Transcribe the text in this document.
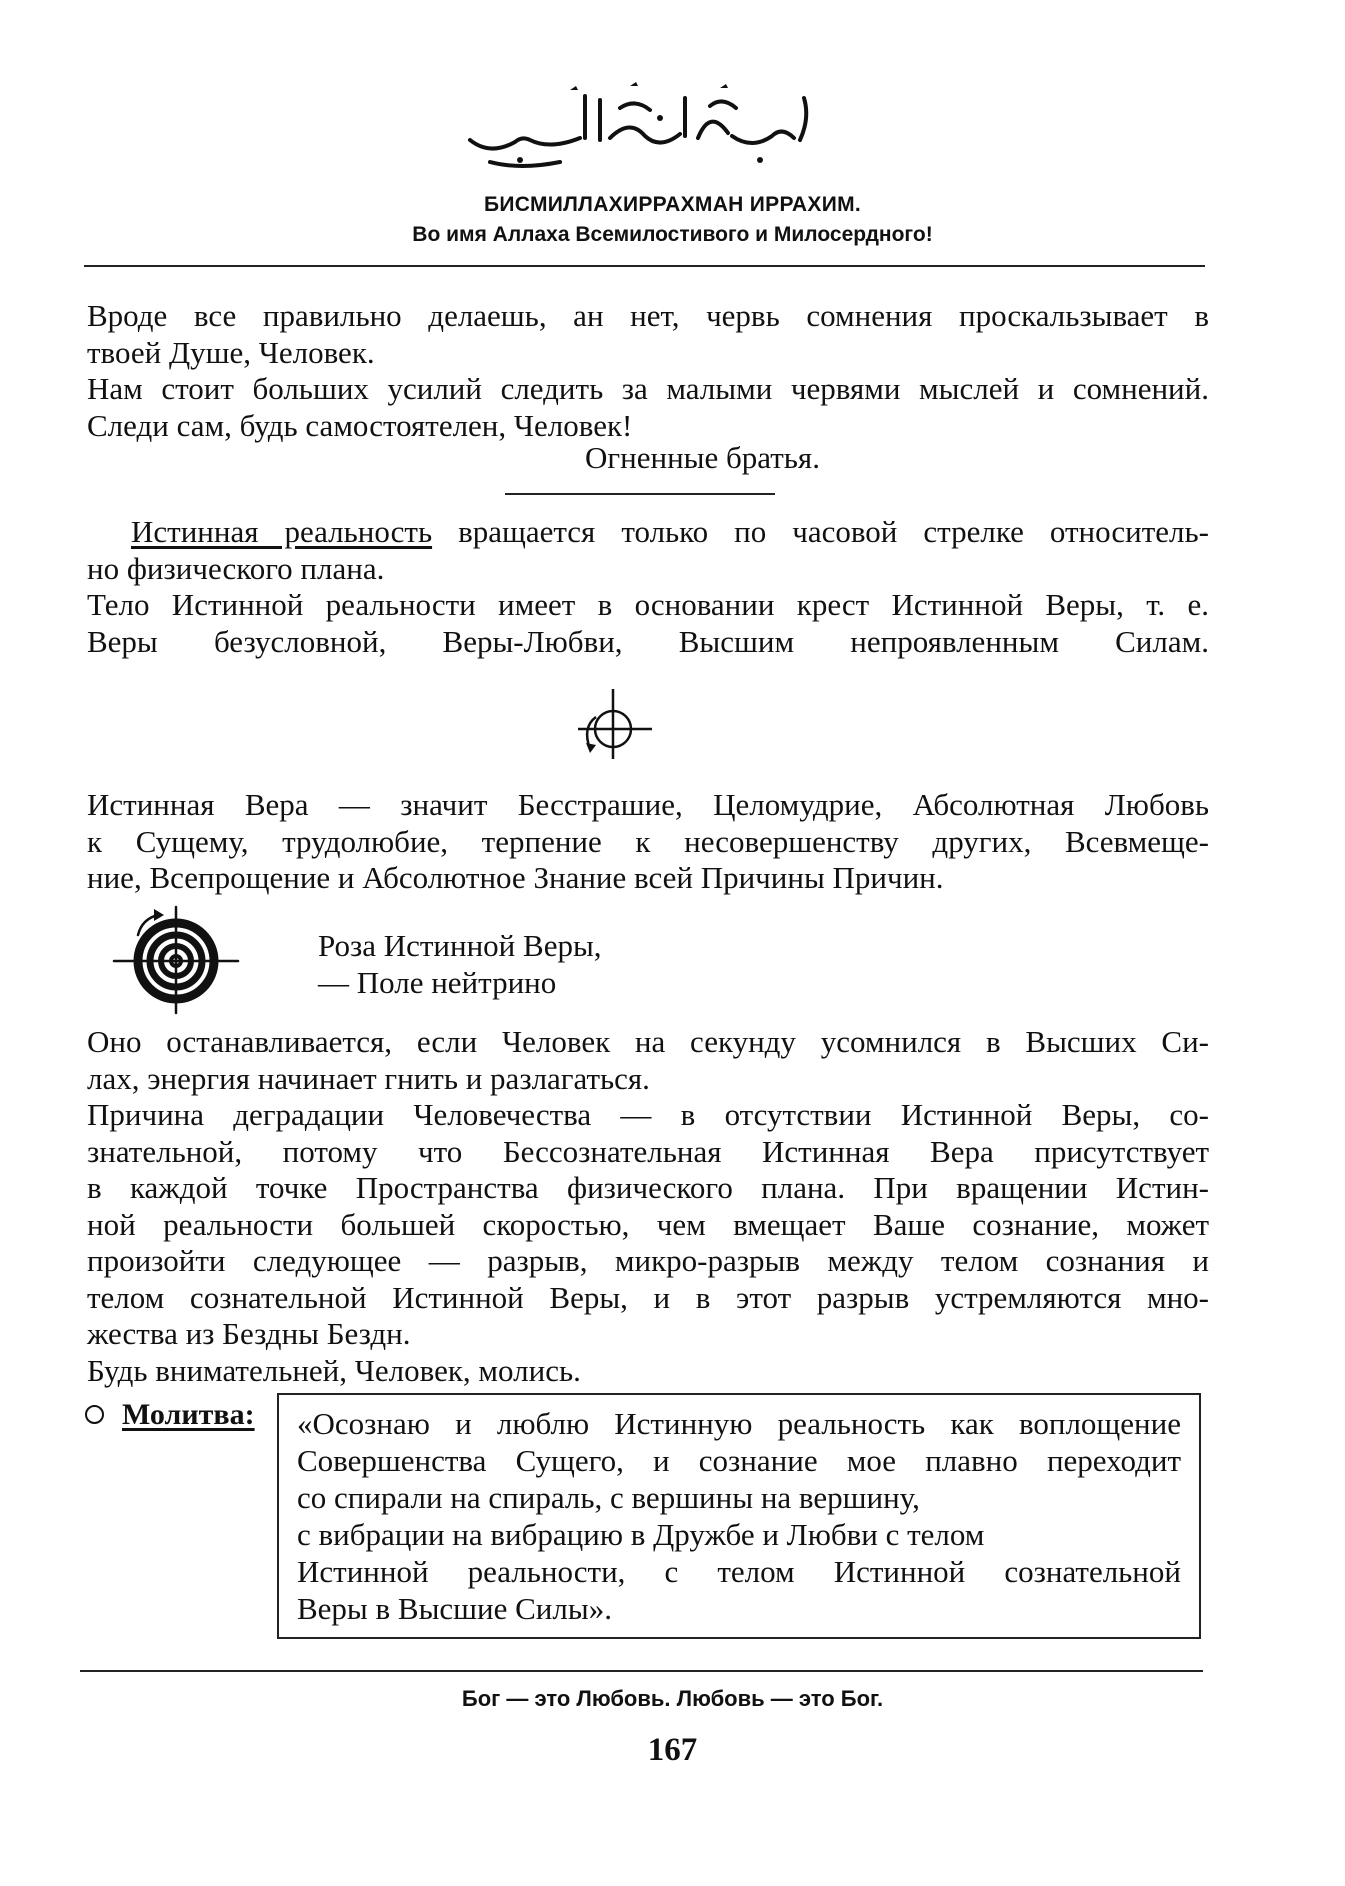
БИСМИЛЛАХИРРАХМАН ИРРАХИМ.
Во имя Аллаха Всемилостивого и Милосердного!
Вроде все правильно делаешь, ан нет, червь сомнения проскальзывает в
твоей Душе, Человек.
Нам стоит больших усилий следить за малыми червями мыслей и сомнений.
Следи сам, будь самостоятелен, Человек!
Огненные братья.
Истинная реальность вращается только по часовой стрелке относитель-
но физического плана.
Тело Истинной реальности имеет в основании крест Истинной Веры, т. е.
Веры безусловной, Веры-Любви, Высшим непроявленным Силам.
Истинная Вера — значит Бесстрашие, Целомудрие, Абсолютная Любовь
к Сущему, трудолюбие, терпение к несовершенству других, Всевмеще-
ние, Всепрощение и Абсолютное Знание всей Причины Причин.
Роза Истинной Веры,
— Поле нейтрино
Оно останавливается, если Человек на секунду усомнился в Высших Си-
лах, энергия начинает гнить и разлагаться.
Причина деградации Человечества — в отсутствии Истинной Веры, со-
знательной, потому что Бессознательная Истинная Вера присутствует
в каждой точке Пространства физического плана. При вращении Истин-
ной реальности большей скоростью, чем вмещает Ваше сознание, может
произойти следующее — разрыв, микро-разрыв между телом сознания и
телом сознательной Истинной Веры, и в этот разрыв устремляются мно-
жества из Бездны Бездн.
Будь внимательней, Человек, молись.
Молитва: «Осознаю и люблю Истинную реальность как воплощение
Совершенства Сущего, и сознание мое плавно переходит
со спирали на спираль, с вершины на вершину,
с вибрации на вибрацию в Дружбе и Любви с телом
Истинной реальности, с телом Истинной сознательной
Веры в Высшие Силы».
Бог — это Любовь. Любовь — это Бог.
167
